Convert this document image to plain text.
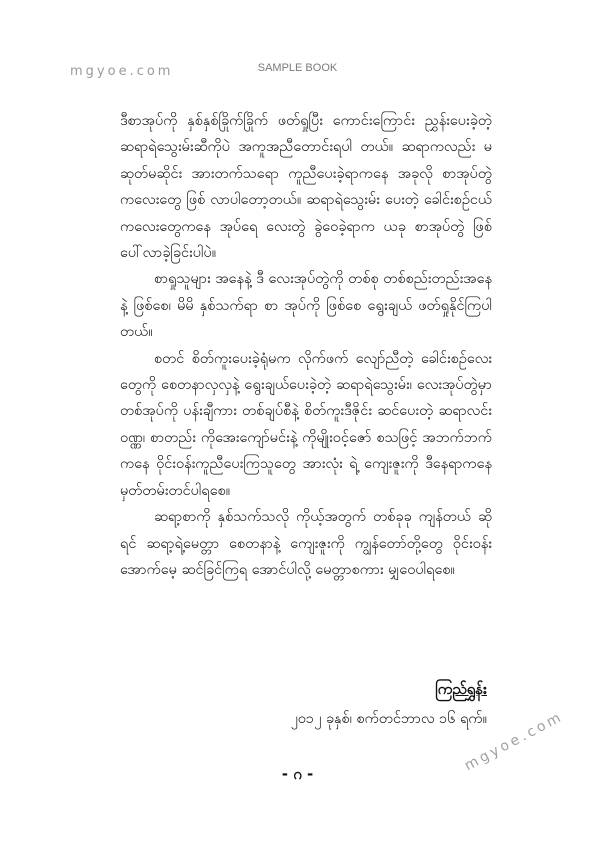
mgyoe.com	SAMPLE BOOK

ဒီစာအုပ်ကို နှစ်နှစ်ခြိုက်ခြိုက် ဖတ်ရှုပြီး ကောင်းကြောင်း ညွှန်းပေးခဲ့တဲ့ ဆရာရဲသွေးမ်းဆီကိုပဲ အကူအညီတောင်းရပါ တယ်။ ဆရာကလည်း မဆုတ်မဆိုင်း အားတက်သရော ကူညီပေးခဲ့ရာကနေ အခုလို စာအုပ်တွဲကလေးတွေ ဖြစ် လာပါတော့တယ်။ ဆရာရဲသွေးမ်း ပေးတဲ့ ခေါင်းစဉ်ငယ် ကလေးတွေကနေ အုပ်ရေ လေးတွဲ ခွဲဝေခဲ့ရာက ယခု စာအုပ်တွဲ ဖြစ်ပေါ်လာခဲ့ခြင်းပါပဲ။

စာရှုသူများ အနေနဲ့ ဒီ လေးအုပ်တွဲကို တစ်စု တစ်စည်းတည်းအနေနဲ့ ဖြစ်စေ၊ မိမိ နှစ်သက်ရာ စာ အုပ်ကို ဖြစ်စေ ရွေးချယ် ဖတ်ရှုနိုင်ကြပါတယ်။

စတင် စိတ်ကူးပေးခဲ့ရုံမက လိုက်ဖက် လျော်ညီတဲ့ ခေါင်းစဉ်လေးတွေကို စေတနာလှလှနဲ့ ရွေးချယ်ပေးခဲ့တဲ့ ဆရာရဲသွေးမ်း၊ လေးအုပ်တွဲမှာ တစ်အုပ်ကို ပန်းချီကား တစ်ချပ်စီနဲ့ စိတ်ကူးဒီဇိုင်း ဆင်ပေးတဲ့ ဆရာလင်းဝဏ္ဏ၊ စာတည်း ကိုအေးကျော်မင်းနဲ့ ကိုမျိုးဝင့်ဇော် စသဖြင့် အဘက်ဘက်ကနေ ဝိုင်းဝန်းကူညီပေးကြသူတွေ အားလုံး ရဲ့ ကျေးဇူးကို ဒီနေရာကနေ မှတ်တမ်းတင်ပါရစေ။

ဆရာ့စာကို နှစ်သက်သလို ကိုယ့်အတွက် တစ်ခုခု ကျန်တယ် ဆိုရင် ဆရာ့ရဲ့မေတ္တာ စေတနာနဲ့ ကျေးဇူးကို ကျွန်တော်တို့တွေ ဝိုင်းဝန်း အောက်မေ့ ဆင်ခြင်ကြရ အောင်ပါလို့ မေတ္တာစကား မျှဝေပါရစေ။

ကြည်ရွှန်း
၂၀၁၂ ခုနှစ်၊ စက်တင်ဘာလ ၁၆ ရက်။
- ဂ -	mgyoe.com
